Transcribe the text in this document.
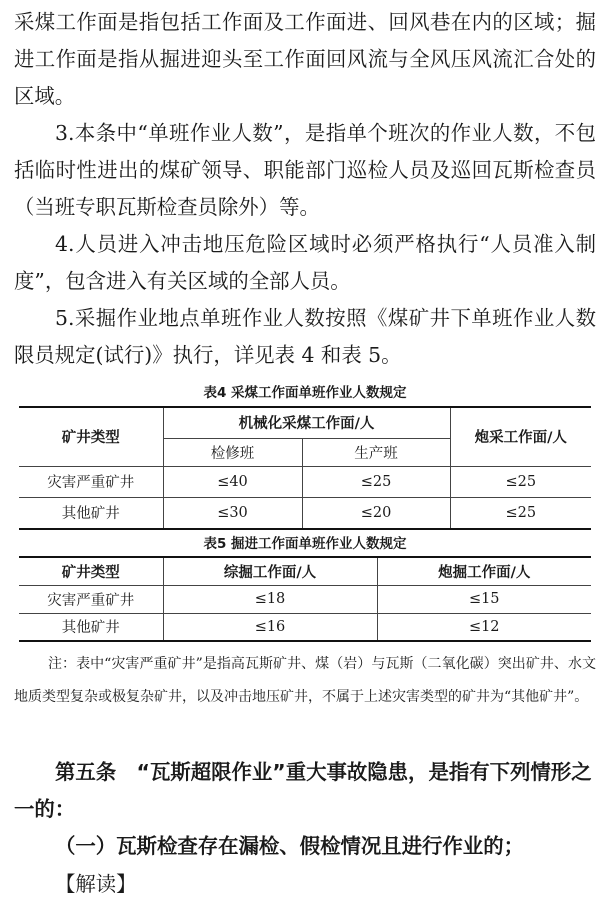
采煤工作面是指包括工作面及工作面进、回风巷在内的区域；掘进工作面是指从掘进迎头至工作面回风流与全风压风流汇合处的区域。

3.本条中“单班作业人数”，是指单个班次的作业人数，不包括临时性进出的煤矿领导、职能部门巡检人员及巡回瓦斯检查员（当班专职瓦斯检查员除外）等。

4.人员进入冲击地压危险区域时必须严格执行“人员准入制度”，包含进入有关区域的全部人员。

5.采掘作业地点单班作业人数按照《煤矿井下单班作业人数限员规定(试行)》执行，详见表 4 和表 5。

表4 采煤工作面单班作业人数规定

矿井类型	机械化采煤工作面/人		炮采工作面/人
	检修班	生产班	
灾害严重矿井	≤40	≤25	≤25
其他矿井	≤30	≤20	≤25

表5 掘进工作面单班作业人数规定

矿井类型	综掘工作面/人	炮掘工作面/人
灾害严重矿井	≤18	≤15
其他矿井	≤16	≤12

注：表中“灾害严重矿井”是指高瓦斯矿井、煤（岩）与瓦斯（二氧化碳）突出矿井、水文地质类型复杂或极复杂矿井，以及冲击地压矿井，不属于上述灾害类型的矿井为“其他矿井”。

第五条　“瓦斯超限作业”重大事故隐患，是指有下列情形之一的：

（一）瓦斯检查存在漏检、假检情况且进行作业的；

【解读】
